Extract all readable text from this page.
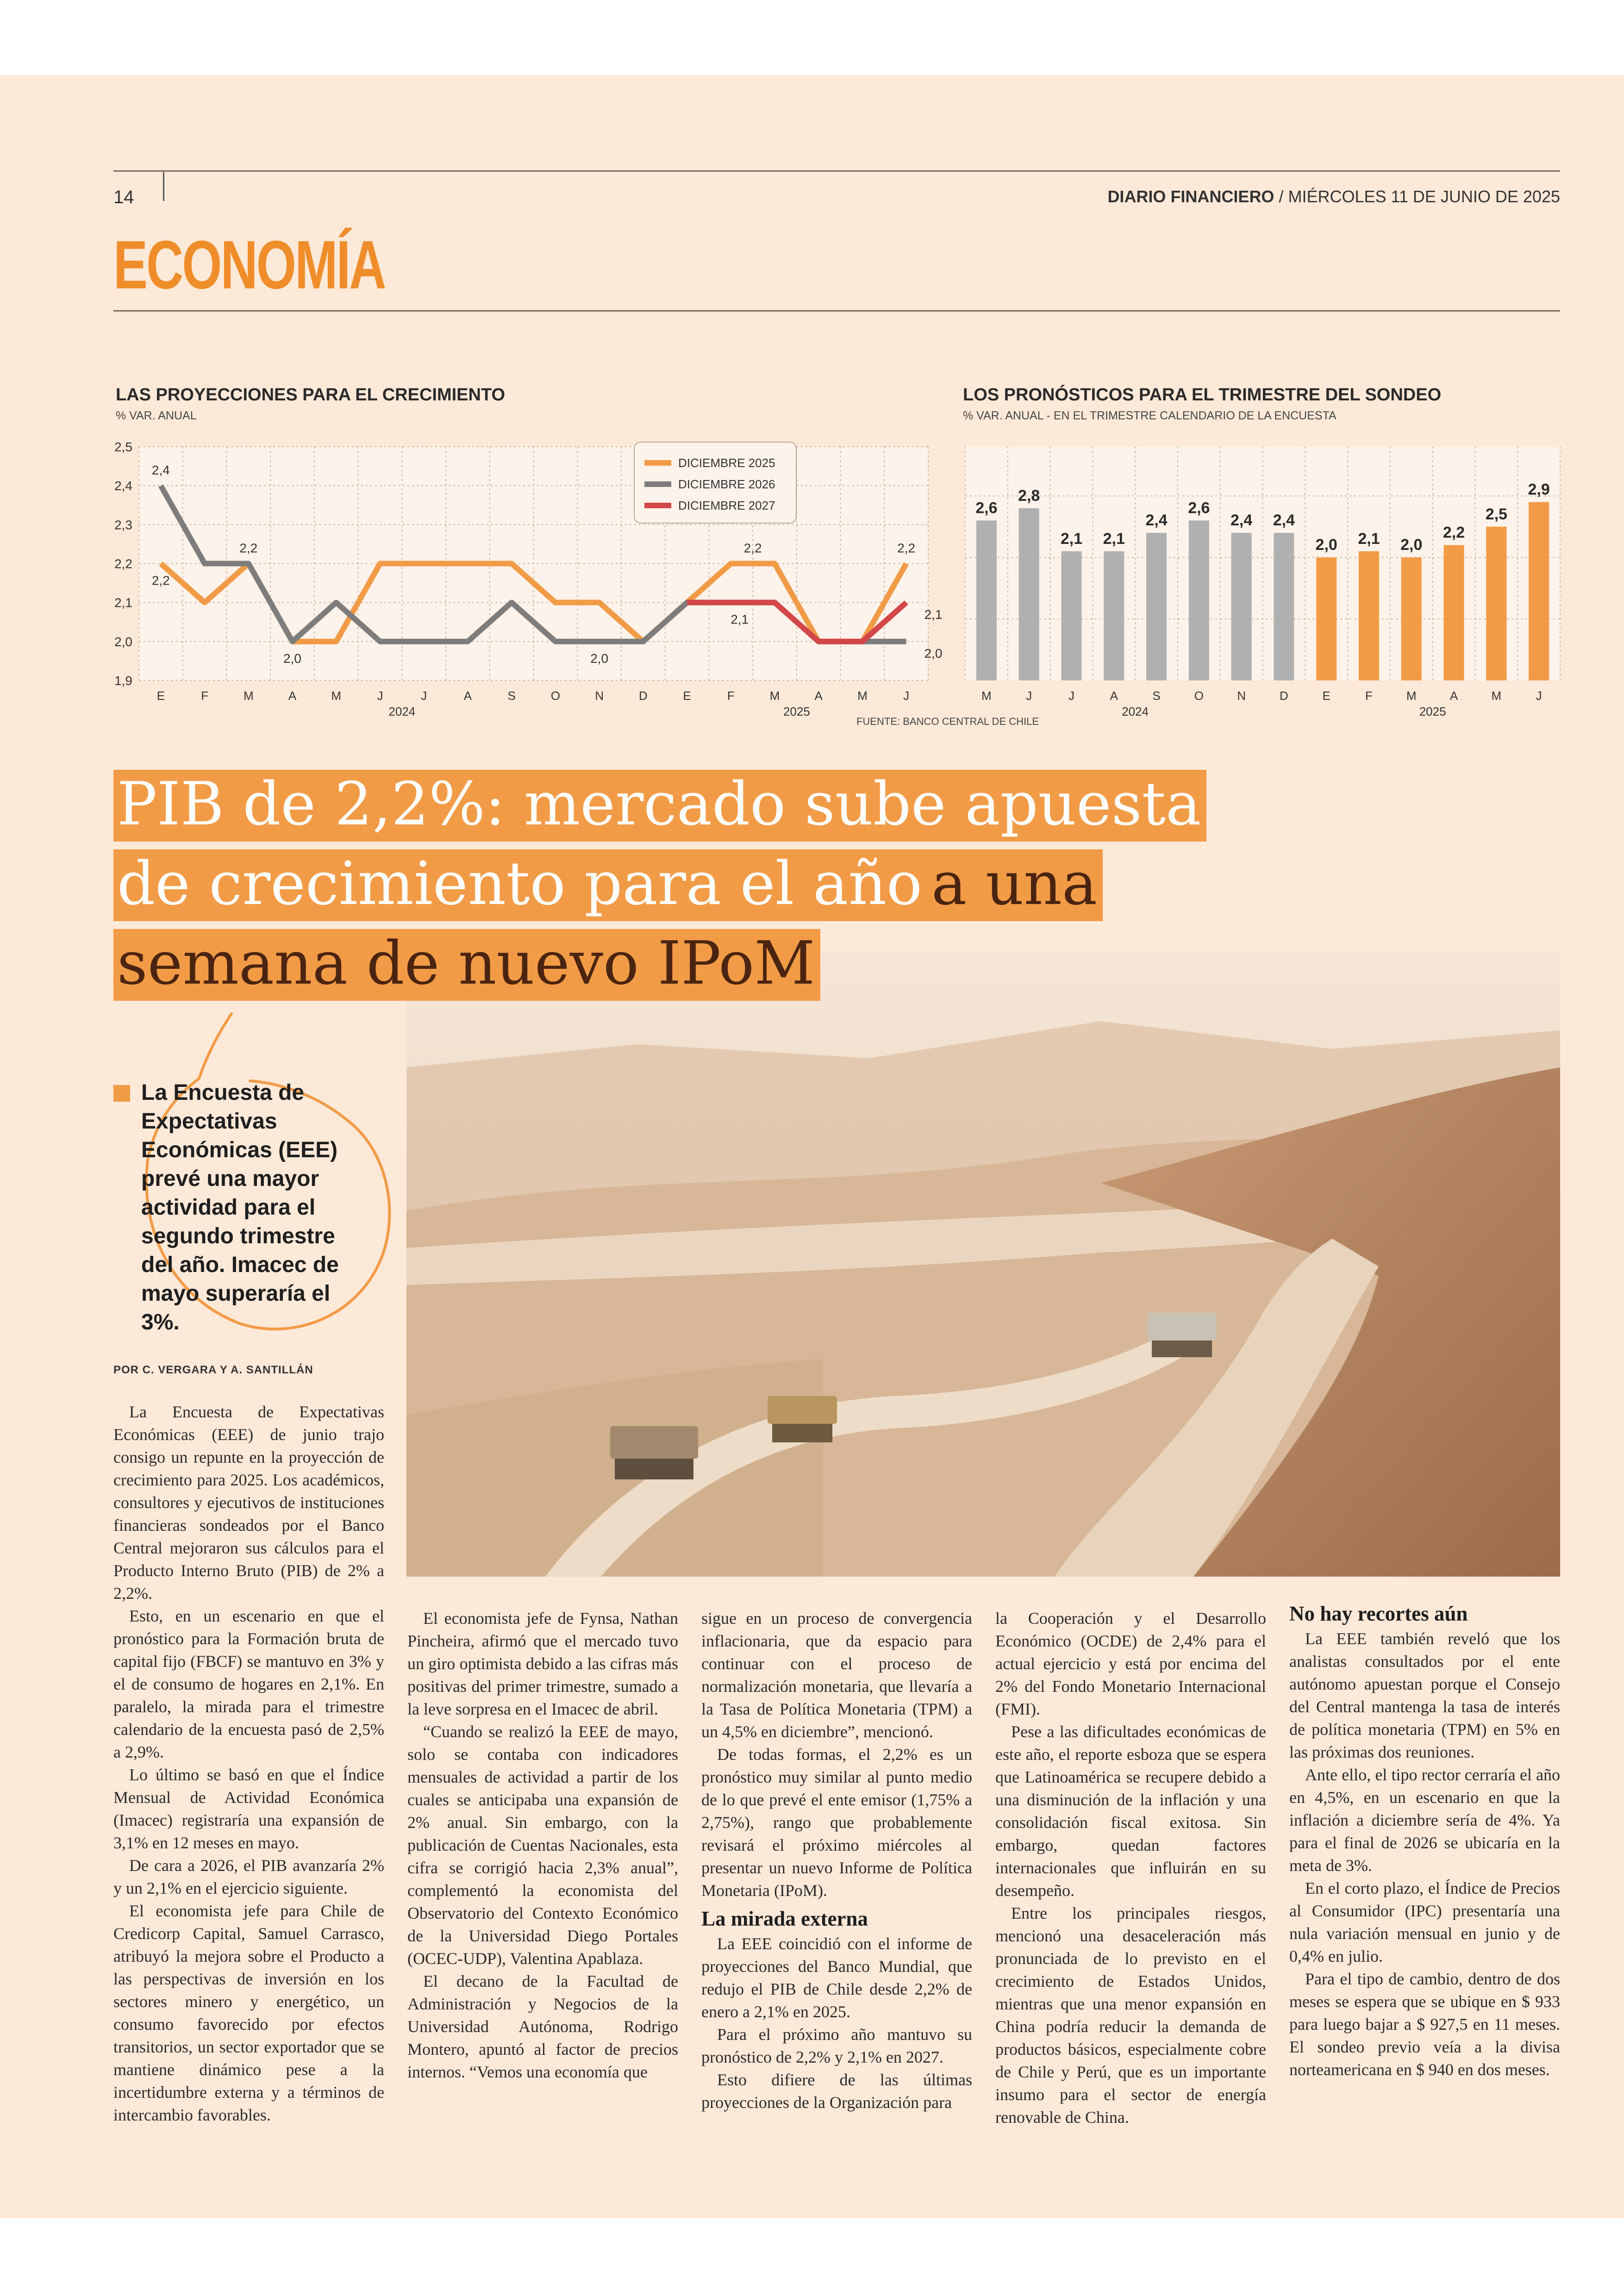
14	DIARIO FINANCIERO / MIÉRCOLES 11 DE JUNIO DE 2025
ECONOMÍA
LAS PROYECCIONES PARA EL CRECIMIENTO
% VAR. ANUAL
1,9
2,0
2,1
2,2
2,3
2,4
2,5
E	F	M	A	M	J	J	A	S	O	N	D	E	F	M	A	M	J
2024	2025
2,4
2,2
2,2
2,0	2,0
2,2
2,1
2,2
2,1
2,0
DICIEMBRE 2025
DICIEMBRE 2026
DICIEMBRE 2027
LOS PRONÓSTICOS PARA EL TRIMESTRE DEL SONDEO
% VAR. ANUAL - EN EL TRIMESTRE CALENDARIO DE LA ENCUESTA
2,6
M
2,8
J
2,1
J
2,1
A
2,4
S
2,6
O
2,4
N
2,4
D
2,0
E
2,1
F
2,0
M
2,2
A
2,5
M
2,9
J
2024	2025
FUENTE: BANCO CENTRAL DE CHILE
PIB de 2,2%: mercado sube apuesta
de crecimiento para el año a una
semana de nuevo IPoM
La Encuesta de Expectativas Económicas (EEE) prevé una mayor actividad para el segundo trimestre del año. Imacec de mayo superaría el 3%.
POR C. VERGARA Y A. SANTILLÁN

La Encuesta de Expectativas Económicas (EEE) de junio trajo consigo un repunte en la proyección de crecimiento para 2025. Los académicos, consultores y ejecutivos de instituciones financieras sondeados por el Banco Central mejoraron sus cálculos para el Producto Interno Bruto (PIB) de 2% a 2,2%.

Esto, en un escenario en que el pronóstico para la Formación bruta de capital fijo (FBCF) se mantuvo en 3% y el de consumo de hogares en 2,1%. En paralelo, la mirada para el trimestre calendario de la encuesta pasó de 2,5% a 2,9%.

Lo último se basó en que el Índice Mensual de Actividad Económica (Imacec) registraría una expansión de 3,1% en 12 meses en mayo.

De cara a 2026, el PIB avanzaría 2% y un 2,1% en el ejercicio siguiente.

El economista jefe para Chile de Credicorp Capital, Samuel Carrasco, atribuyó la mejora sobre el Producto a las perspectivas de inversión en los sectores minero y energético, un consumo favorecido por efectos transitorios, un sector exportador que se mantiene dinámico pese a la incertidumbre externa y a términos de intercambio favorables.

El economista jefe de Fynsa, Nathan Pincheira, afirmó que el mercado tuvo un giro optimista debido a las cifras más positivas del primer trimestre, sumado a la leve sorpresa en el Imacec de abril.

“Cuando se realizó la EEE de mayo, solo se contaba con indicadores mensuales de actividad a partir de los cuales se anticipaba una expansión de 2% anual. Sin embargo, con la publicación de Cuentas Nacionales, esta cifra se corrigió hacia 2,3% anual”, complementó la economista del Observatorio del Contexto Económico de la Universidad Diego Portales (OCEC-UDP), Valentina Apablaza.

El decano de la Facultad de Administración y Negocios de la Universidad Autónoma, Rodrigo Montero, apuntó al factor de precios internos. “Vemos una economía que

sigue en un proceso de convergencia inflacionaria, que da espacio para continuar con el proceso de normalización monetaria, que llevaría a la Tasa de Política Monetaria (TPM) a un 4,5% en diciembre”, mencionó.

De todas formas, el 2,2% es un pronóstico muy similar al punto medio de lo que prevé el ente emisor (1,75% a 2,75%), rango que probablemente revisará el próximo miércoles al presentar un nuevo Informe de Política Monetaria (IPoM).

La mirada externa

La EEE coincidió con el informe de proyecciones del Banco Mundial, que redujo el PIB de Chile desde 2,2% de enero a 2,1% en 2025.

Para el próximo año mantuvo su pronóstico de 2,2% y 2,1% en 2027.

Esto difiere de las últimas proyecciones de la Organización para

la Cooperación y el Desarrollo Económico (OCDE) de 2,4% para el actual ejercicio y está por encima del 2% del Fondo Monetario Internacional (FMI).

Pese a las dificultades económicas de este año, el reporte esboza que se espera que Latinoamérica se recupere debido a una disminución de la inflación y una consolidación fiscal exitosa. Sin embargo, quedan factores internacionales que influirán en su desempeño.

Entre los principales riesgos, mencionó una desaceleración más pronunciada de lo previsto en el crecimiento de Estados Unidos, mientras que una menor expansión en China podría reducir la demanda de productos básicos, especialmente cobre de Chile y Perú, que es un importante insumo para el sector de energía renovable de China.

No hay recortes aún

La EEE también reveló que los analistas consultados por el ente autónomo apuestan porque el Consejo del Central mantenga la tasa de interés de política monetaria (TPM) en 5% en las próximas dos reuniones.

Ante ello, el tipo rector cerraría el año en 4,5%, en un escenario en que la inflación a diciembre sería de 4%. Ya para el final de 2026 se ubicaría en la meta de 3%.

En el corto plazo, el Índice de Precios al Consumidor (IPC) presentaría una nula variación mensual en junio y de 0,4% en julio.

Para el tipo de cambio, dentro de dos meses se espera que se ubique en $ 933 para luego bajar a $ 927,5 en 11 meses. El sondeo previo veía a la divisa norteamericana en $ 940 en dos meses.
